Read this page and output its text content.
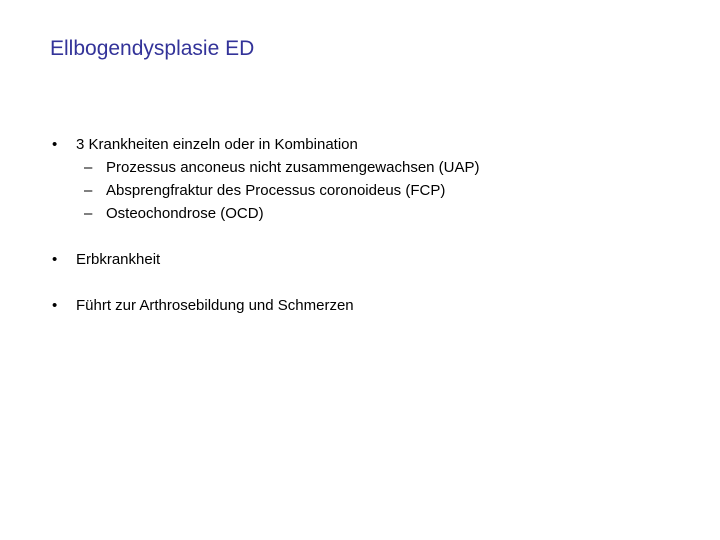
Ellbogendysplasie ED
• 3 Krankheiten einzeln oder in Kombination
– Prozessus anconeus nicht zusammengewachsen (UAP)
– Absprengfraktur des Processus coronoideus (FCP)
– Osteochondrose (OCD)
• Erbkrankheit
• Führt zur Arthrosebildung und Schmerzen
